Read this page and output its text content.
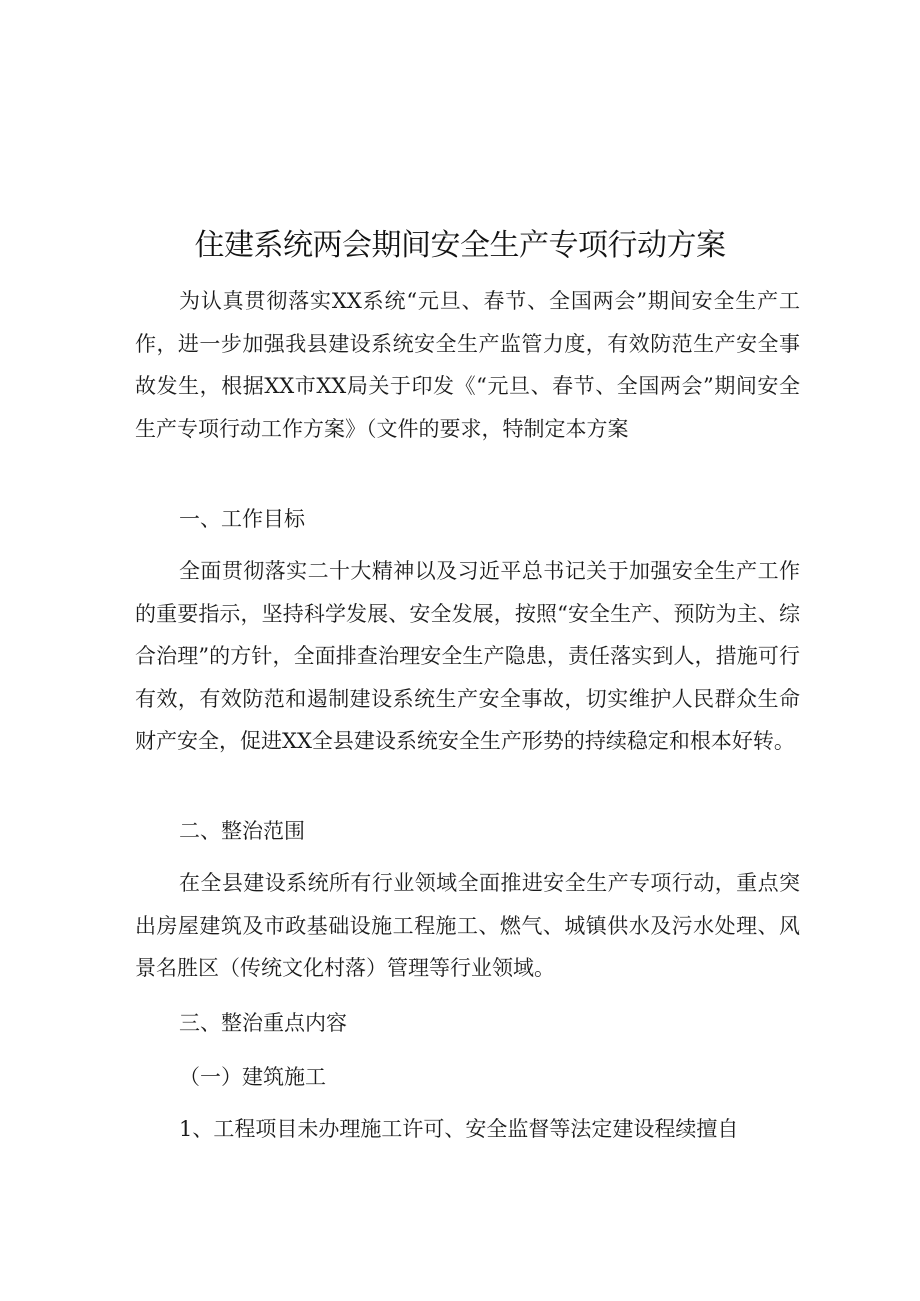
住建系统两会期间安全生产专项行动方案

为认真贯彻落实XX系统“元旦、春节、全国两会”期间安全生产工作，进一步加强我县建设系统安全生产监管力度，有效防范生产安全事故发生，根据XX市XX局关于印发《“元旦、春节、全国两会”期间安全生产专项行动工作方案》（文件的要求，特制定本方案

一、工作目标

全面贯彻落实二十大精神以及习近平总书记关于加强安全生产工作的重要指示，坚持科学发展、安全发展，按照“安全生产、预防为主、综合治理”的方针，全面排查治理安全生产隐患，责任落实到人，措施可行有效，有效防范和遏制建设系统生产安全事故，切实维护人民群众生命财产安全，促进XX全县建设系统安全生产形势的持续稳定和根本好转。

二、整治范围

在全县建设系统所有行业领域全面推进安全生产专项行动，重点突出房屋建筑及市政基础设施工程施工、燃气、城镇供水及污水处理、风景名胜区（传统文化村落）管理等行业领域。

三、整治重点内容

（一）建筑施工

1、工程项目未办理施工许可、安全监督等法定建设程续擅自
